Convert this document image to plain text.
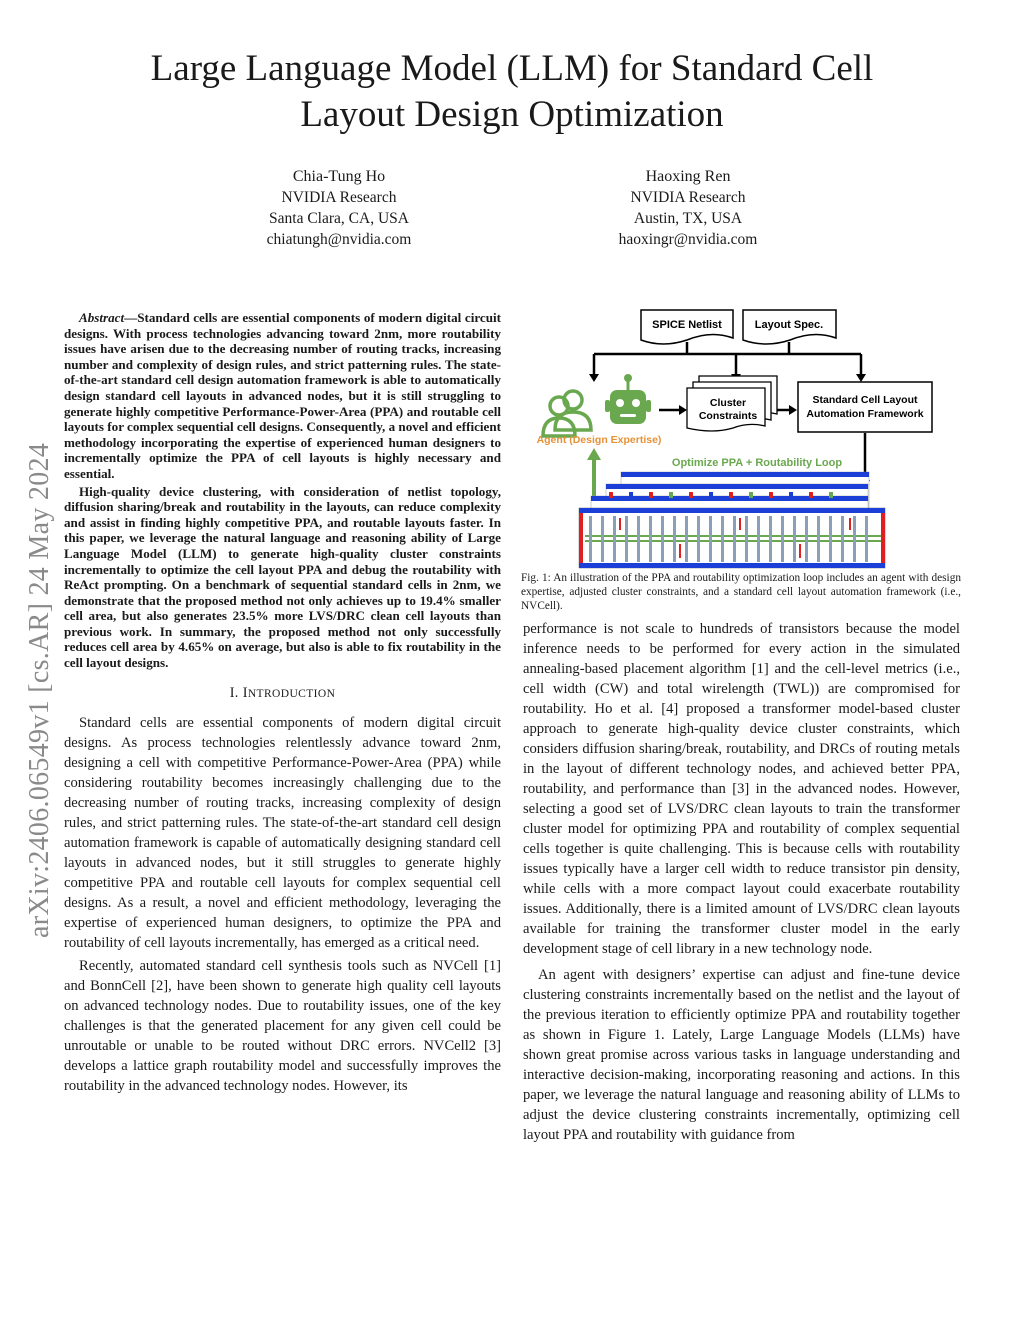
Large Language Model (LLM) for Standard Cell
Layout Design Optimization
Chia-Tung Ho
NVIDIA Research
Santa Clara, CA, USA
chiatungh@nvidia.com
Haoxing Ren
NVIDIA Research
Austin, TX, USA
haoxingr@nvidia.com
arXiv:2406.06549v1 [cs.AR] 24 May 2024

Abstract—Standard cells are essential components of modern digital circuit designs. With process technologies advancing toward 2nm, more routability issues have arisen due to the decreasing number of routing tracks, increasing number and complexity of design rules, and strict patterning rules. The state-of-the-art standard cell design automation framework is able to automatically design standard cell layouts in advanced nodes, but it is still struggling to generate highly competitive Performance-Power-Area (PPA) and routable cell layouts for complex sequential cell designs. Consequently, a novel and efficient methodology incorporating the expertise of experienced human designers to incrementally optimize the PPA of cell layouts is highly necessary and essential.

High-quality device clustering, with consideration of netlist topology, diffusion sharing/break and routability in the layouts, can reduce complexity and assist in finding highly competitive PPA, and routable layouts faster. In this paper, we leverage the natural language and reasoning ability of Large Language Model (LLM) to generate high-quality cluster constraints incrementally to optimize the cell layout PPA and debug the routability with ReAct prompting. On a benchmark of sequential standard cells in 2nm, we demonstrate that the proposed method not only achieves up to 19.4% smaller cell area, but also generates 23.5% more LVS/DRC clean cell layouts than previous work. In summary, the proposed method not only successfully reduces cell area by 4.65% on average, but also is able to fix routability in the cell layout designs.

I. INTRODUCTION

Standard cells are essential components of modern digital circuit designs. As process technologies relentlessly advance toward 2nm, designing a cell with competitive Performance-Power-Area (PPA) while considering routability becomes increasingly challenging due to the decreasing number of routing tracks, increasing complexity of design rules, and strict patterning rules. The state-of-the-art standard cell design automation framework is capable of automatically designing standard cell layouts in advanced nodes, but it still struggles to generate highly competitive PPA and routable cell layouts for complex sequential cell designs. As a result, a novel and efficient methodology, leveraging the expertise of experienced human designers, to optimize the PPA and routability of cell layouts incrementally, has emerged as a critical need.

Recently, automated standard cell synthesis tools such as NVCell [1] and BonnCell [2], have been shown to generate high quality cell layouts on advanced technology nodes. Due to routability issues, one of the key challenges is that the generated placement for any given cell could be unroutable or unable to be routed without DRC errors. NVCell2 [3] develops a lattice graph routability model and successfully improves the routability in the advanced technology nodes. However, its

SPICE Netlist	Layout Spec.
Agent (Design Expertise)
Cluster
Constraints
Standard Cell Layout
Automation Framework
Optimize PPA + Routability Loop
Fig. 1: An illustration of the PPA and routability optimization loop includes an agent with design expertise, adjusted cluster constraints, and a standard cell layout automation framework (i.e., NVCell).

performance is not scale to hundreds of transistors because the model inference needs to be performed for every action in the simulated annealing-based placement algorithm [1] and the cell-level metrics (i.e., cell width (CW) and total wirelength (TWL)) are compromised for routability. Ho et al. [4] proposed a transformer model-based cluster approach to generate high-quality device cluster constraints, which considers diffusion sharing/break, routability, and DRCs of routing metals in the layout of different technology nodes, and achieved better PPA, routability, and performance than [3] in the advanced nodes. However, selecting a good set of LVS/DRC clean layouts to train the transformer cluster model for optimizing PPA and routability of complex sequential cells together is quite challenging. This is because cells with routability issues typically have a larger cell width to reduce transistor pin density, while cells with a more compact layout could exacerbate routability issues. Additionally, there is a limited amount of LVS/DRC clean layouts available for training the transformer cluster model in the early development stage of cell library in a new technology node.

An agent with designers’ expertise can adjust and fine-tune device clustering constraints incrementally based on the netlist and the layout of the previous iteration to efficiently optimize PPA and routability together as shown in Figure 1. Lately, Large Language Models (LLMs) have shown great promise across various tasks in language understanding and interactive decision-making, incorporating reasoning and actions. In this paper, we leverage the natural language and reasoning ability of LLMs to adjust the device clustering constraints incrementally, optimizing cell layout PPA and routability with guidance from
